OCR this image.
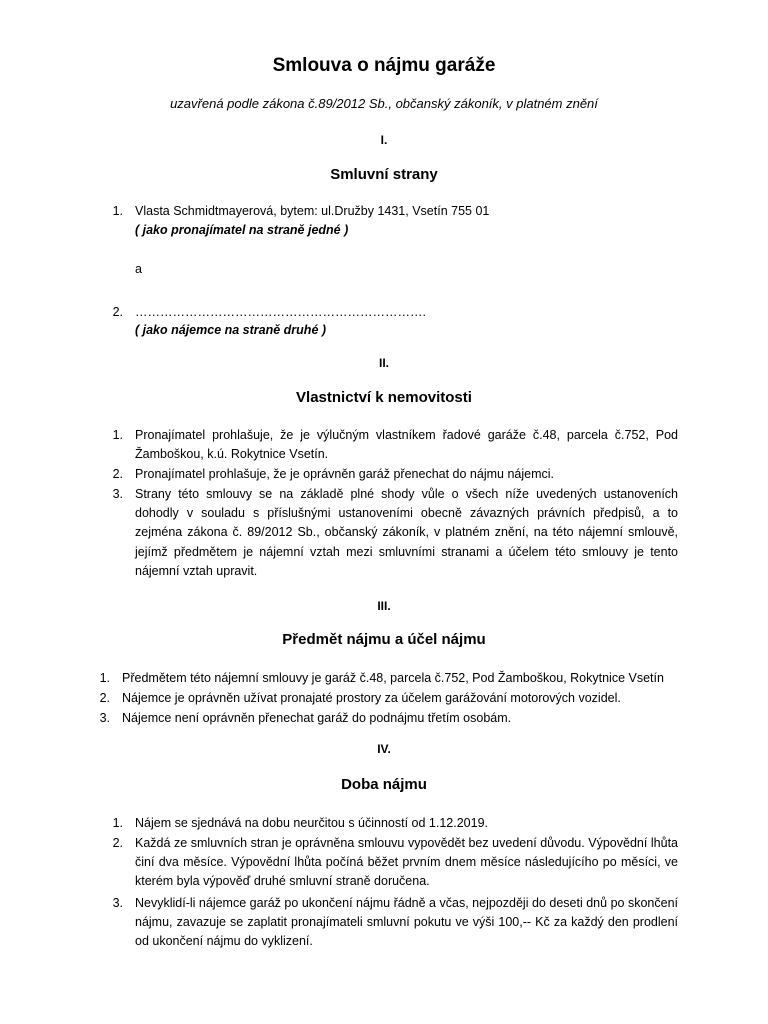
Smlouva o nájmu garáže
uzavřená podle zákona č.89/2012 Sb., občanský zákoník, v platném znění
I.
Smluvní strany
1. Vlasta Schmidtmayerová, bytem: ul.Družby 1431, Vsetín 755 01
( jako pronajímatel na straně jedné )
a
2. …………………………………………………………….
( jako nájemce na straně druhé )
II.
Vlastnictví k nemovitosti
1. Pronajímatel prohlašuje, že je výlučným vlastníkem řadové garáže č.48, parcela č.752, Pod Žamboškou, k.ú. Rokytnice Vsetín.
2. Pronajímatel prohlašuje, že je oprávněn garáž přenechat do nájmu nájemci.
3. Strany této smlouvy se na základě plné shody vůle o všech níže uvedených ustanoveních dohodly v souladu s příslušnými ustanoveními obecně závazných právních předpisů, a to zejména zákona č. 89/2012 Sb., občanský zákoník, v platném znění, na této nájemní smlouvě, jejímž předmětem je nájemní vztah mezi smluvními stranami a účelem této smlouvy je tento nájemní vztah upravit.
III.
Předmět nájmu a účel nájmu
1. Předmětem této nájemní smlouvy je garáž č.48, parcela č.752, Pod Žamboškou, Rokytnice Vsetín
2. Nájemce je oprávněn užívat pronajaté prostory za účelem garážování motorových vozidel.
3. Nájemce není oprávněn přenechat garáž do podnájmu třetím osobám.
IV.
Doba nájmu
1. Nájem se sjednává na dobu neurčitou s účinností od 1.12.2019.
2. Každá ze smluvních stran je oprávněna smlouvu vypovědět bez uvedení důvodu. Výpovědní lhůta činí dva měsíce. Výpovědní lhůta počíná běžet prvním dnem měsíce následujícího po měsíci, ve kterém byla výpověď druhé smluvní straně doručena.
3. Nevyklidí-li nájemce garáž po ukončení nájmu řádně a včas, nejpozději do deseti dnů po skončení nájmu, zavazuje se zaplatit pronajímateli smluvní pokutu ve výši 100,-- Kč za každý den prodlení od ukončení nájmu do vyklizení.
